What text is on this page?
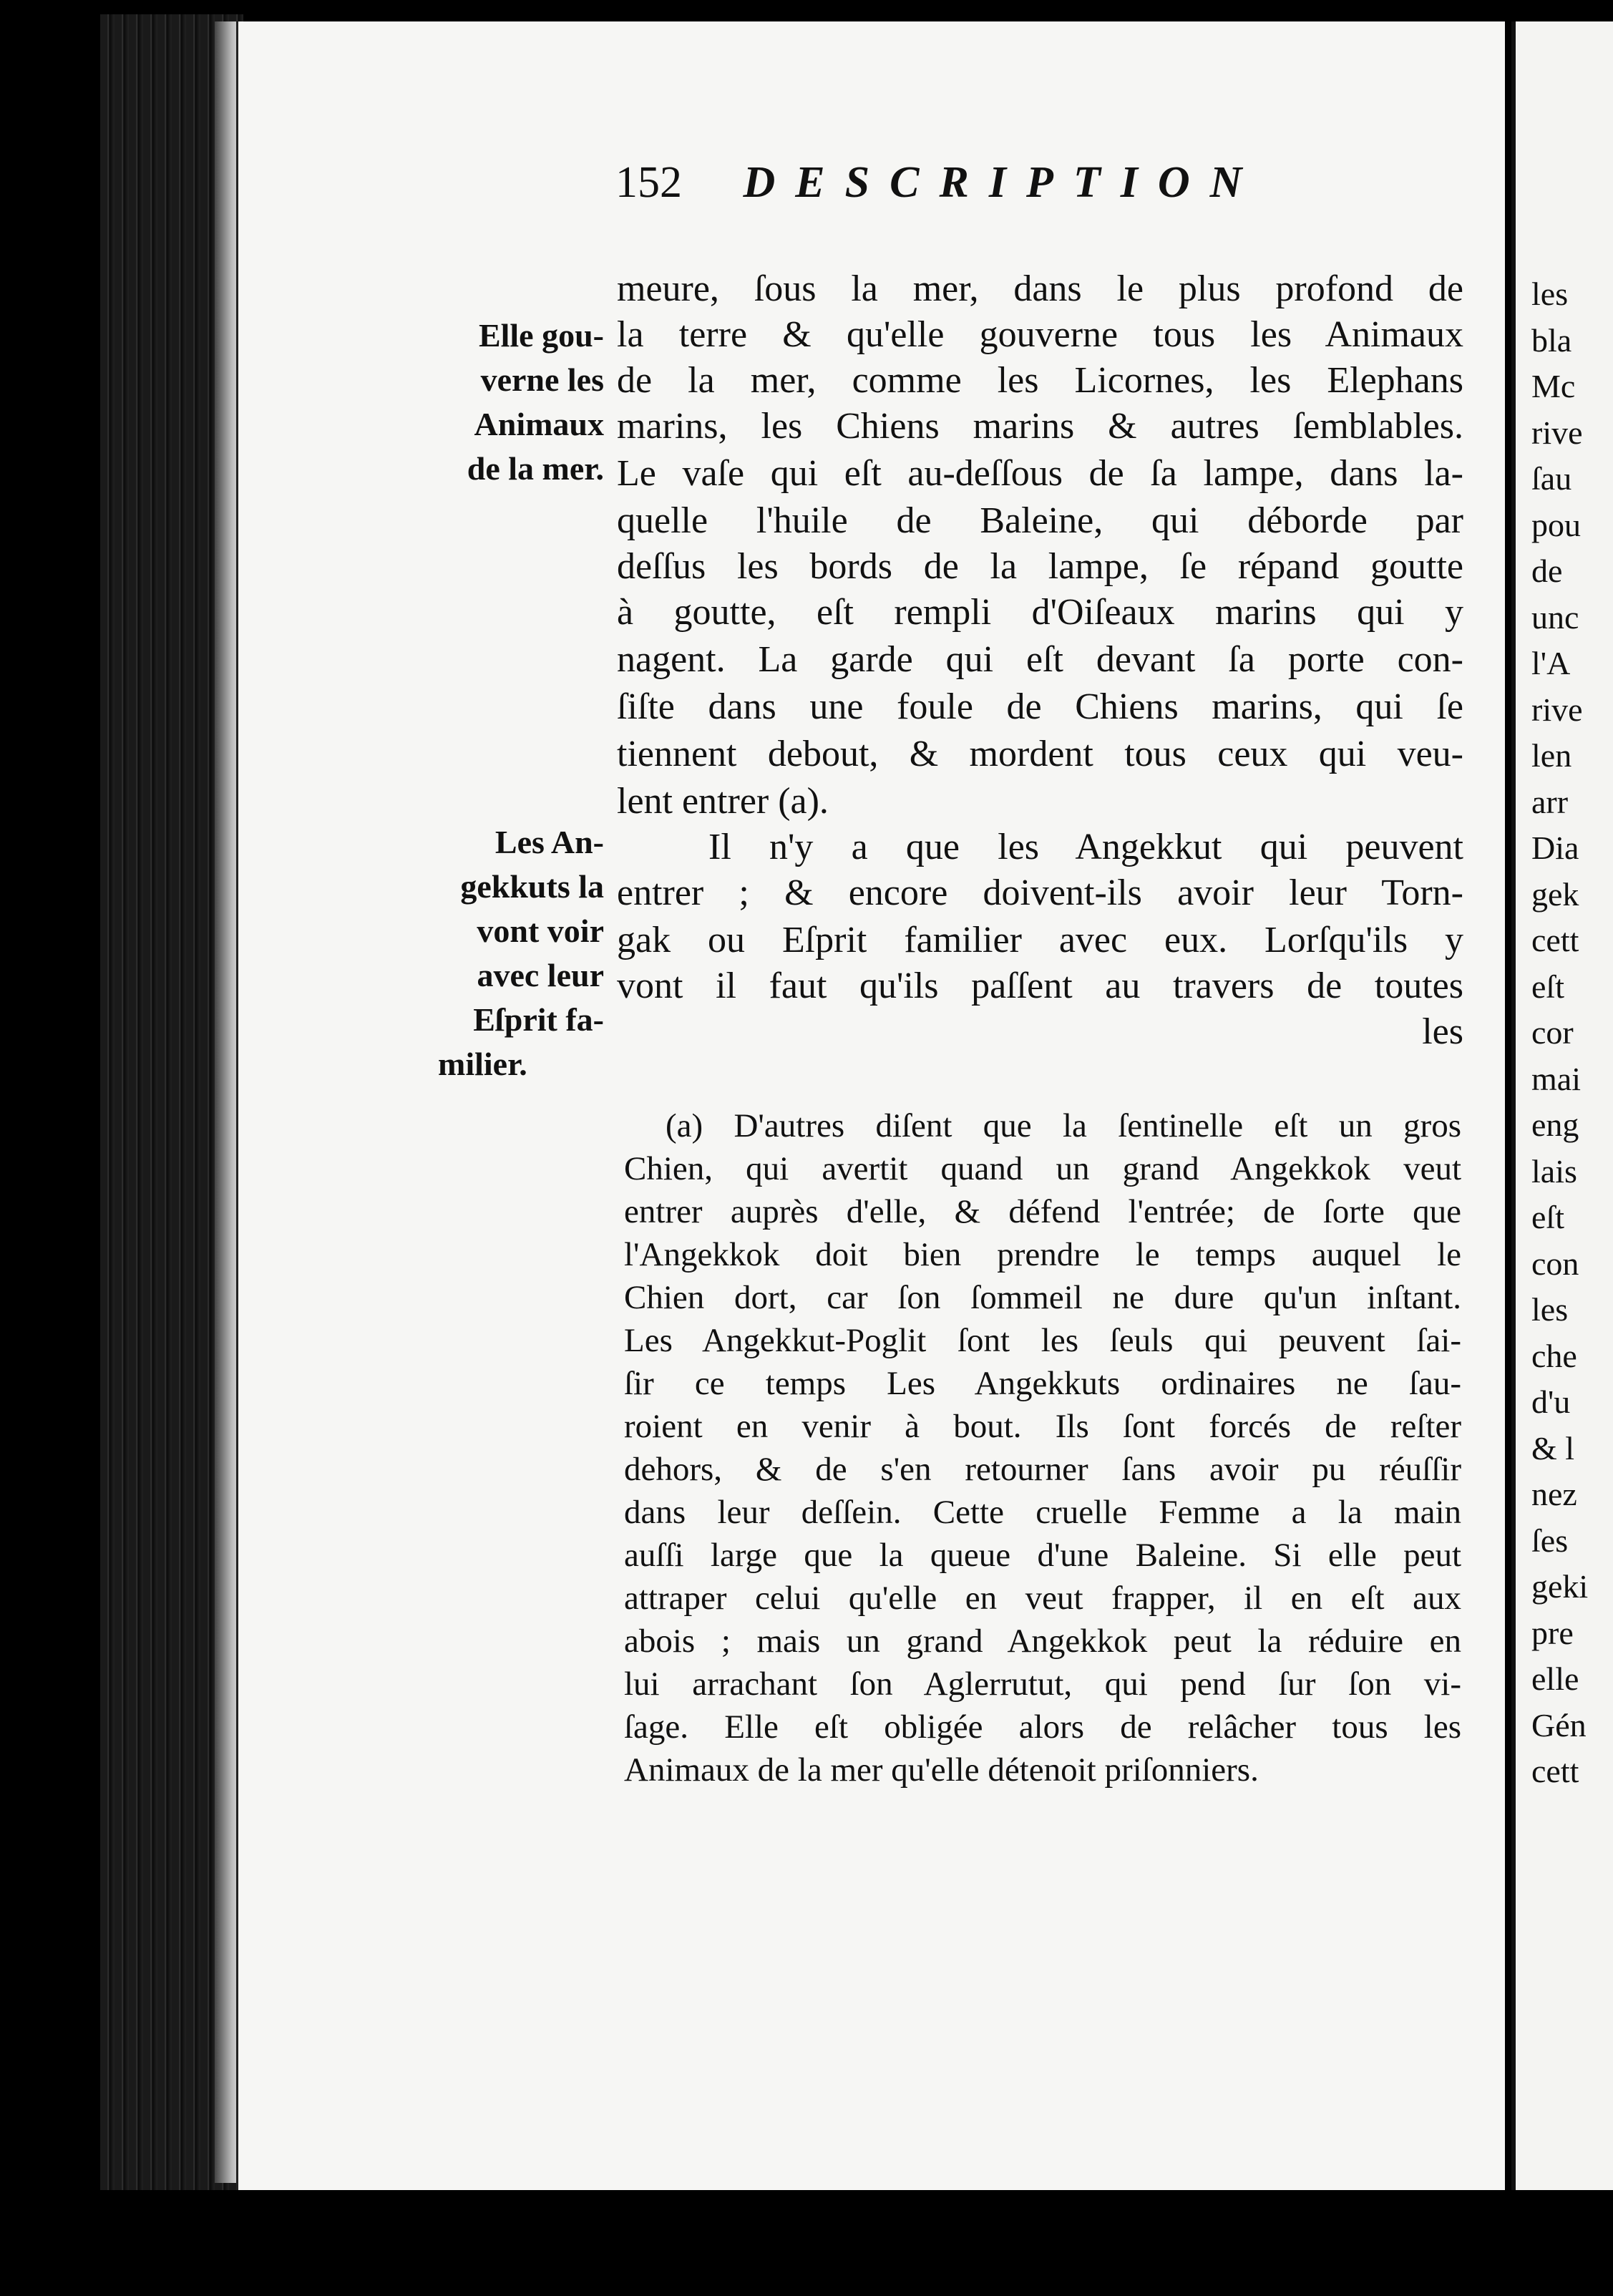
les
bla
Mc
rive
ſau
pou
de
unc
l'A
rive
len
arr
Dia
gek
cett
eſt
cor
mai
eng
lais
eſt
con
les
che
d'u
& l
nez
ſes
geki
pre
elle
Gén
cett
152 DESCRIPTION
meure, ſous la mer, dans le plus profond de
la terre & qu'elle gouverne tous les Animaux
de la mer, comme les Licornes, les Elephans
marins, les Chiens marins & autres ſemblables.
Le vaſe qui eſt au-deſſous de ſa lampe, dans la-
quelle l'huile de Baleine, qui déborde par
deſſus les bords de la lampe, ſe répand goutte
à goutte, eſt rempli d'Oiſeaux marins qui y
nagent. La garde qui eſt devant ſa porte con-
ſiſte dans une foule de Chiens marins, qui ſe
tiennent debout, & mordent tous ceux qui veu-
lent entrer (a).
Il n'y a que les Angekkut qui peuvent
entrer ; & encore doivent-ils avoir leur Torn-
gak ou Eſprit familier avec eux. Lorſqu'ils y
vont il faut qu'ils paſſent au travers de toutes
les
Elle gou-
verne les
Animaux
de la mer.
Les An-
gekkuts la
vont voir
avec leur
Eſprit fa-
milier.
(a) D'autres diſent que la ſentinelle eſt un gros
Chien, qui avertit quand un grand Angekkok veut
entrer auprès d'elle, & défend l'entrée; de ſorte que
l'Angekkok doit bien prendre le temps auquel le
Chien dort, car ſon ſommeil ne dure qu'un inſtant.
Les Angekkut-Poglit ſont les ſeuls qui peuvent ſai-
ſir ce temps Les Angekkuts ordinaires ne ſau-
roient en venir à bout. Ils ſont forcés de reſter
dehors, & de s'en retourner ſans avoir pu réuſſir
dans leur deſſein. Cette cruelle Femme a la main
auſſi large que la queue d'une Baleine. Si elle peut
attraper celui qu'elle en veut frapper, il en eſt aux
abois ; mais un grand Angekkok peut la réduire en
lui arrachant ſon Aglerrutut, qui pend ſur ſon vi-
ſage. Elle eſt obligée alors de relâcher tous les
Animaux de la mer qu'elle détenoit priſonniers.
